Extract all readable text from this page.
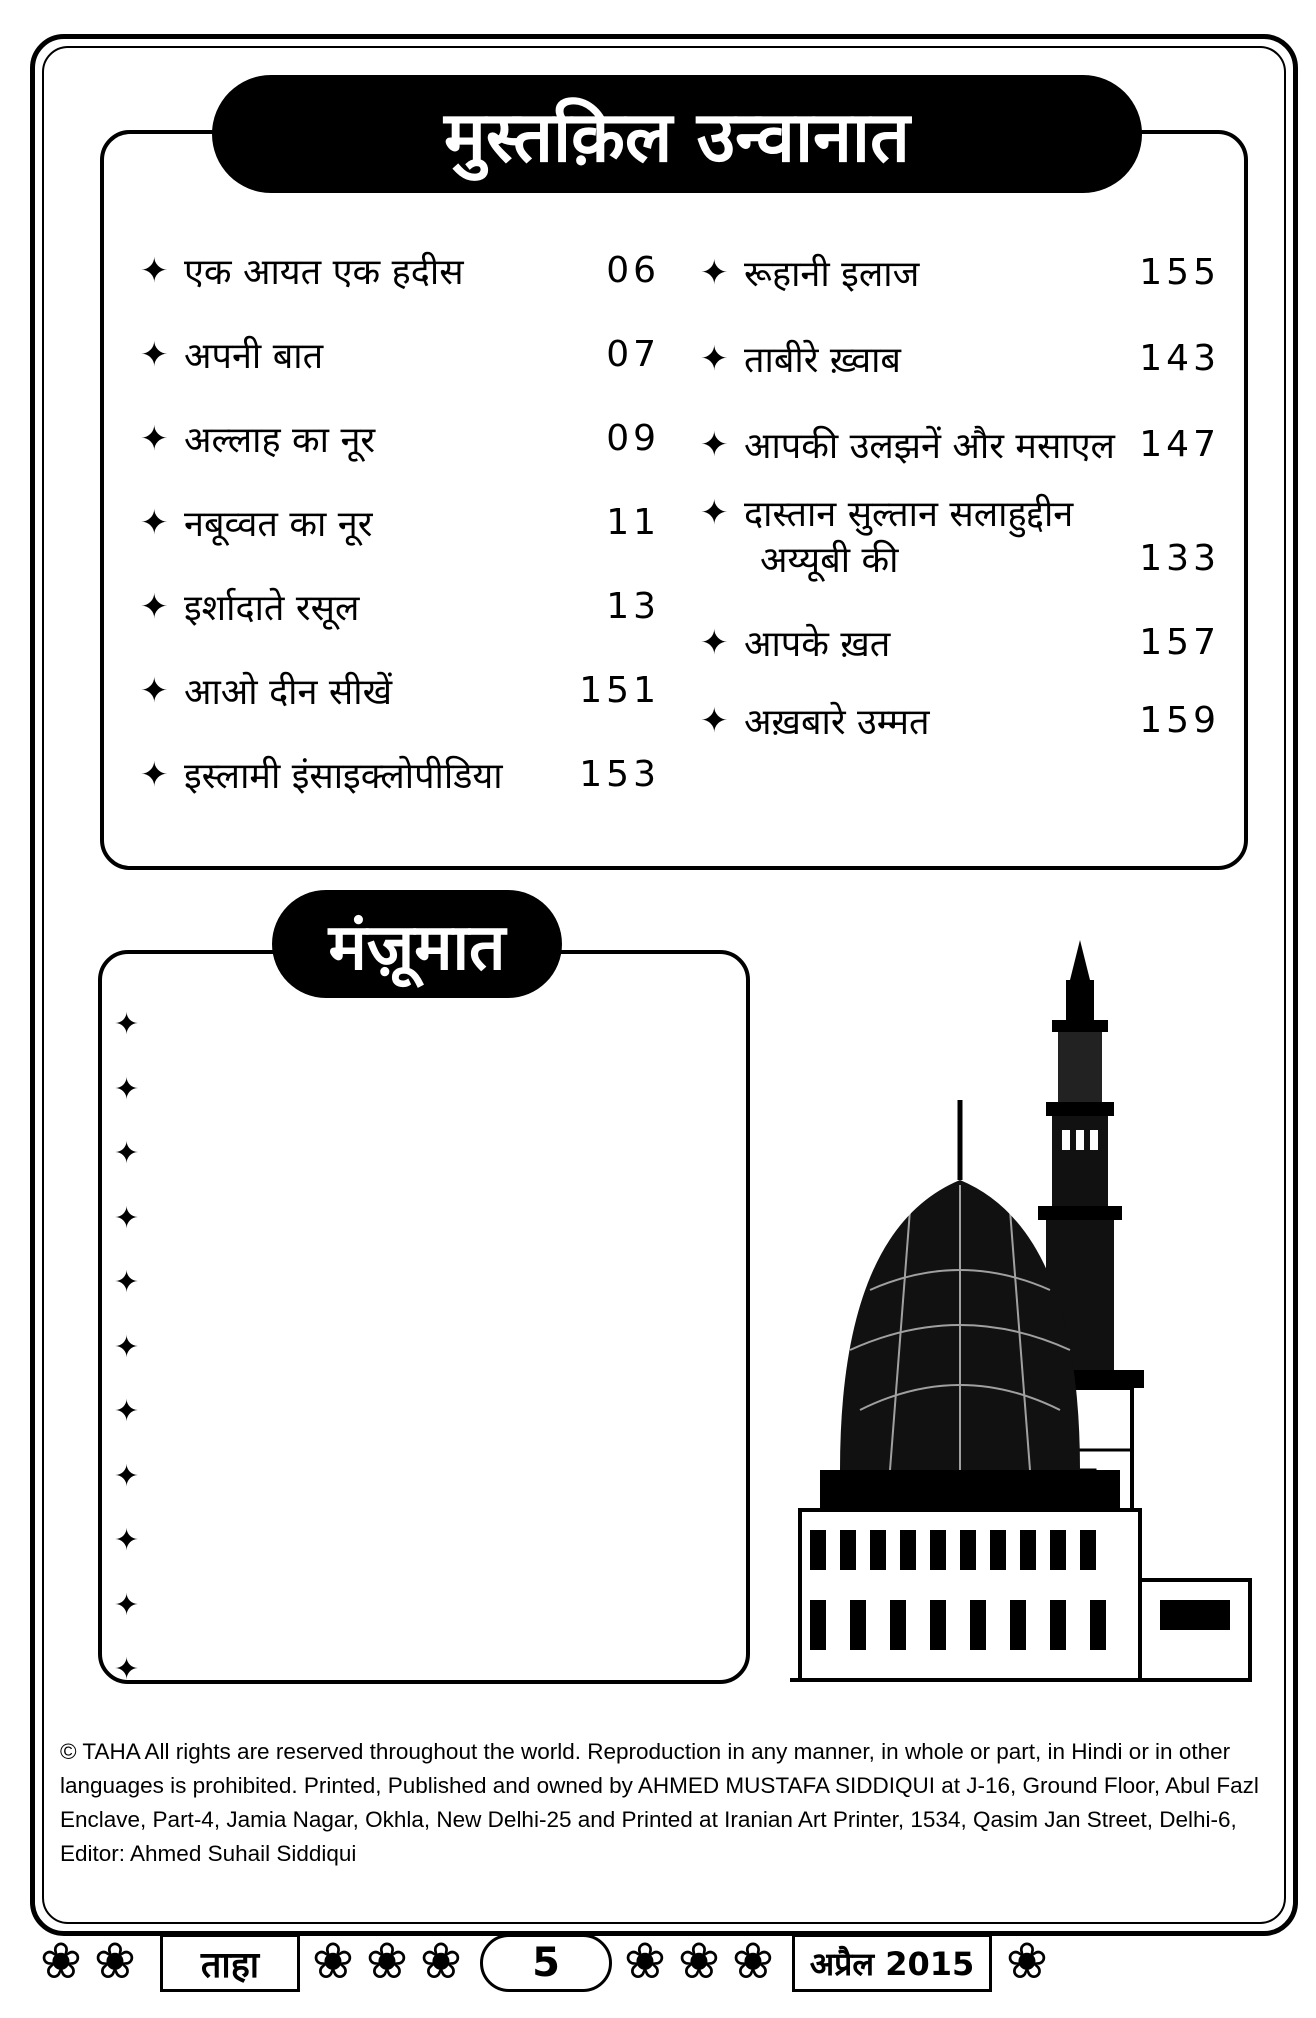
मुस्तक़िल उन्वानात
✦ एक आयत एक हदीस	06
✦ अपनी बात	07
✦ अल्लाह का नूर	09
✦ नबूव्वत का नूर	11
✦ इर्शादाते रसूल	13
✦ आओ दीन सीखें	151
✦ इस्लामी इंसाइक्लोपीडिया	153
✦ रूहानी इलाज	155
✦ ताबीरे ख़्वाब	143
✦ आपकी उलझनें और मसाएल 147
✦ दास्तान सुल्तान सलाहुद्दीन
अय्यूबी की	133
✦ आपके ख़त	157
✦ अख़बारे उम्मत	159
मंज़ूमात
✦
✦
✦
✦
✦
✦
✦
✦
✦
✦
✦
© TAHA All rights are reserved throughout the world. Reproduction in any manner, in whole or part, in Hindi or in other languages is prohibited. Printed, Published and owned by AHMED MUSTAFA SIDDIQUI at J-16, Ground Floor, Abul Fazl Enclave, Part-4, Jamia Nagar, Okhla, New Delhi-25 and Printed at Iranian Art Printer, 1534, Qasim Jan Street, Delhi-6, Editor: Ahmed Suhail Siddiqui
❀ ❀ ताहा ❀ ❀ ❀ 5 ❀ ❀ ❀ अप्रैल 2015 ❀
